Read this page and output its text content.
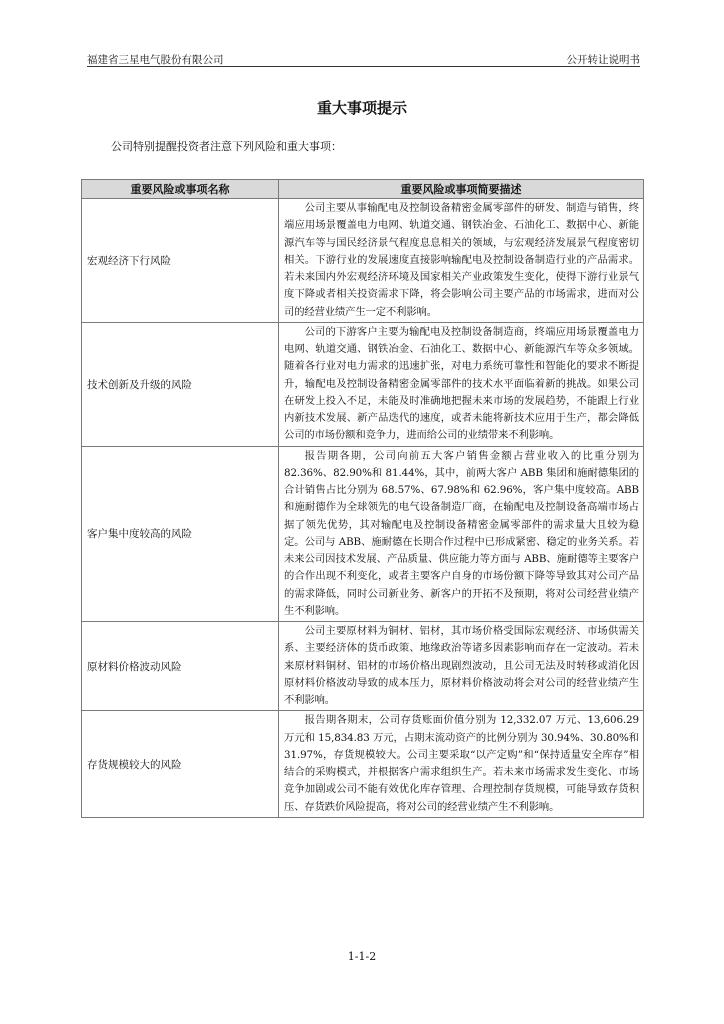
福建省三星电气股份有限公司	公开转让说明书
重大事项提示
公司特别提醒投资者注意下列风险和重大事项：
重要风险或事项名称	重要风险或事项简要描述
宏观经济下行风险	公司主要从事输配电及控制设备精密金属零部件的研发、制造与销售，终端应用场景覆盖电力电网、轨道交通、钢铁冶金、石油化工、数据中心、新能源汽车等与国民经济景气程度息息相关的领域，与宏观经济发展景气程度密切相关。下游行业的发展速度直接影响输配电及控制设备制造行业的产品需求。若未来国内外宏观经济环境及国家相关产业政策发生变化，使得下游行业景气度下降或者相关投资需求下降，将会影响公司主要产品的市场需求，进而对公司的经营业绩产生一定不利影响。
技术创新及升级的风险	公司的下游客户主要为输配电及控制设备制造商，终端应用场景覆盖电力电网、轨道交通、钢铁冶金、石油化工、数据中心、新能源汽车等众多领域。随着各行业对电力需求的迅速扩张，对电力系统可靠性和智能化的要求不断提升，输配电及控制设备精密金属零部件的技术水平面临着新的挑战。如果公司在研发上投入不足，未能及时准确地把握未来市场的发展趋势，不能跟上行业内新技术发展、新产品迭代的速度，或者未能将新技术应用于生产，都会降低公司的市场份额和竞争力，进而给公司的业绩带来不利影响。
客户集中度较高的风险	报告期各期，公司向前五大客户销售金额占营业收入的比重分别为 82.36%、82.90%和 81.44%，其中，前两大客户 ABB 集团和施耐德集团的合计销售占比分别为 68.57%、67.98%和 62.96%，客户集中度较高。ABB 和施耐德作为全球领先的电气设备制造厂商，在输配电及控制设备高端市场占据了领先优势，其对输配电及控制设备精密金属零部件的需求量大且较为稳定。公司与 ABB、施耐德在长期合作过程中已形成紧密、稳定的业务关系。若未来公司因技术发展、产品质量、供应能力等方面与 ABB、施耐德等主要客户的合作出现不利变化，或者主要客户自身的市场份额下降等导致其对公司产品的需求降低，同时公司新业务、新客户的开拓不及预期，将对公司经营业绩产生不利影响。
原材料价格波动风险	公司主要原材料为铜材、铝材，其市场价格受国际宏观经济、市场供需关系、主要经济体的货币政策、地缘政治等诸多因素影响而存在一定波动。若未来原材料铜材、铝材的市场价格出现剧烈波动，且公司无法及时转移或消化因原材料价格波动导致的成本压力，原材料价格波动将会对公司的经营业绩产生不利影响。
存货规模较大的风险	报告期各期末，公司存货账面价值分别为 12,332.07 万元、13,606.29 万元和 15,834.83 万元，占期末流动资产的比例分别为 30.94%、30.80%和 31.97%，存货规模较大。公司主要采取“以产定购”和“保持适量安全库存”相结合的采购模式，并根据客户需求组织生产。若未来市场需求发生变化、市场竞争加剧或公司不能有效优化库存管理、合理控制存货规模，可能导致存货积压、存货跌价风险提高，将对公司的经营业绩产生不利影响。
1-1-2
